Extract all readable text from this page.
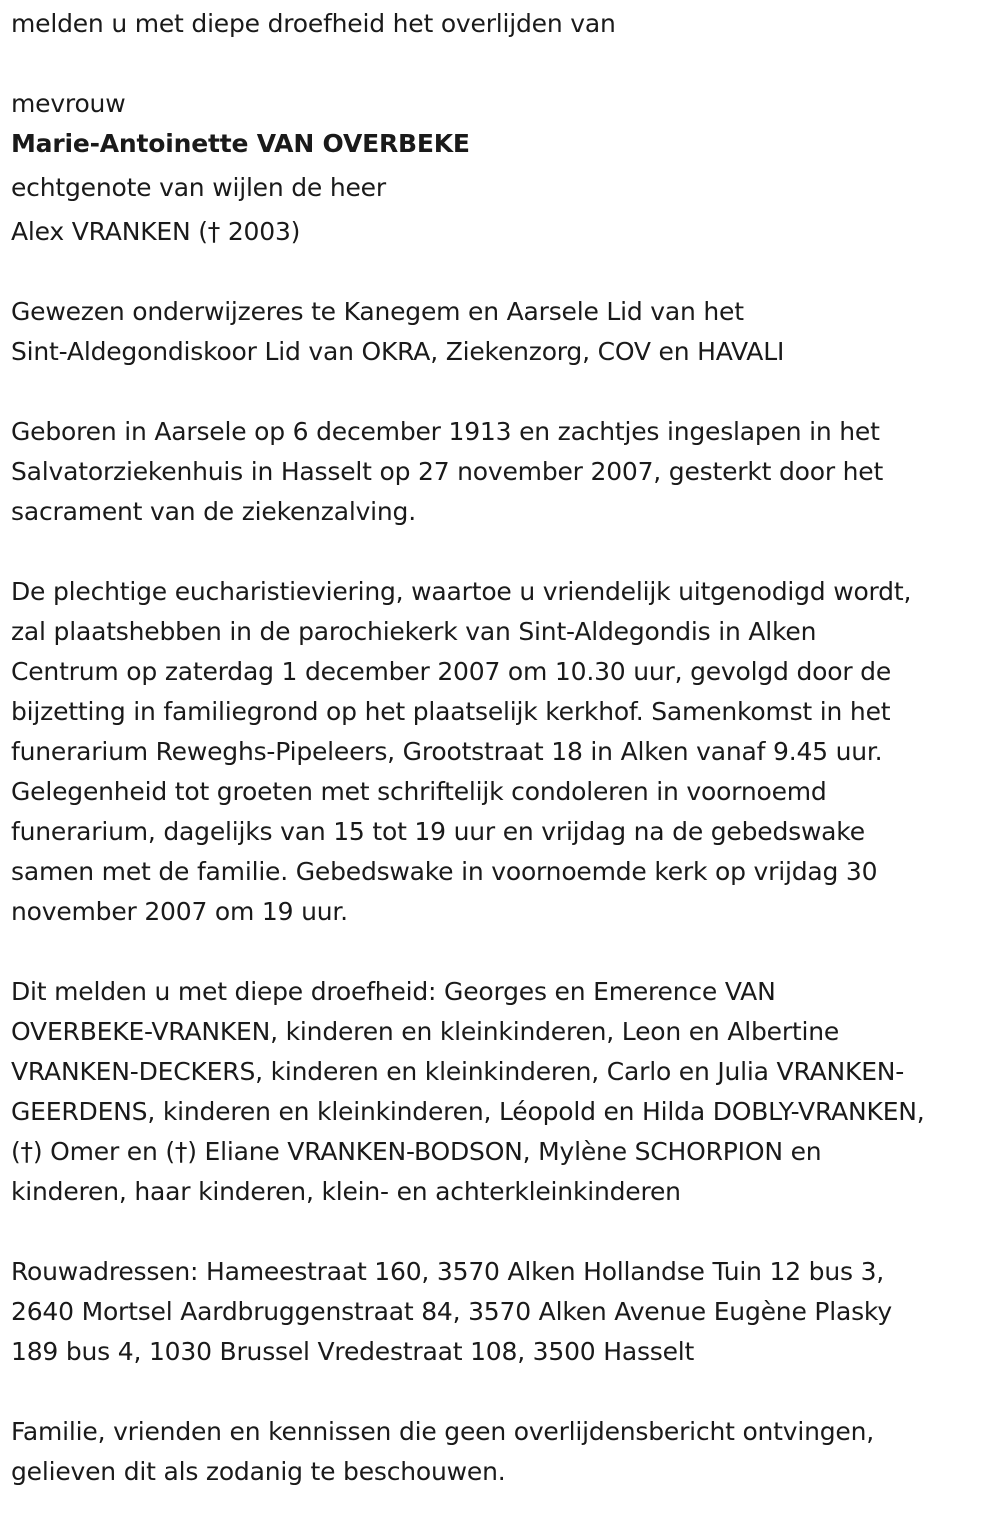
melden u met diepe droefheid het overlijden van
mevrouw
Marie-Antoinette VAN OVERBEKE
echtgenote van wijlen de heer
Alex VRANKEN († 2003)
Gewezen onderwijzeres te Kanegem en Aarsele Lid van het
Sint-Aldegondiskoor Lid van OKRA, Ziekenzorg, COV en HAVALI
Geboren in Aarsele op 6 december 1913 en zachtjes ingeslapen in het
Salvatorziekenhuis in Hasselt op 27 november 2007, gesterkt door het
sacrament van de ziekenzalving.
De plechtige eucharistieviering, waartoe u vriendelijk uitgenodigd wordt,
zal plaatshebben in de parochiekerk van Sint-Aldegondis in Alken
Centrum op zaterdag 1 december 2007 om 10.30 uur, gevolgd door de
bijzetting in familiegrond op het plaatselijk kerkhof. Samenkomst in het
funerarium Reweghs-Pipeleers, Grootstraat 18 in Alken vanaf 9.45 uur.
Gelegenheid tot groeten met schriftelijk condoleren in voornoemd
funerarium, dagelijks van 15 tot 19 uur en vrijdag na de gebedswake
samen met de familie. Gebedswake in voornoemde kerk op vrijdag 30
november 2007 om 19 uur.
Dit melden u met diepe droefheid: Georges en Emerence VAN
OVERBEKE-VRANKEN, kinderen en kleinkinderen, Leon en Albertine
VRANKEN-DECKERS, kinderen en kleinkinderen, Carlo en Julia VRANKEN-
GEERDENS, kinderen en kleinkinderen, Léopold en Hilda DOBLY-VRANKEN,
(†) Omer en (†) Eliane VRANKEN-BODSON, Mylène SCHORPION en
kinderen, haar kinderen, klein- en achterkleinkinderen
Rouwadressen: Hameestraat 160, 3570 Alken Hollandse Tuin 12 bus 3,
2640 Mortsel Aardbruggenstraat 84, 3570 Alken Avenue Eugène Plasky
189 bus 4, 1030 Brussel Vredestraat 108, 3500 Hasselt
Familie, vrienden en kennissen die geen overlijdensbericht ontvingen,
gelieven dit als zodanig te beschouwen.
